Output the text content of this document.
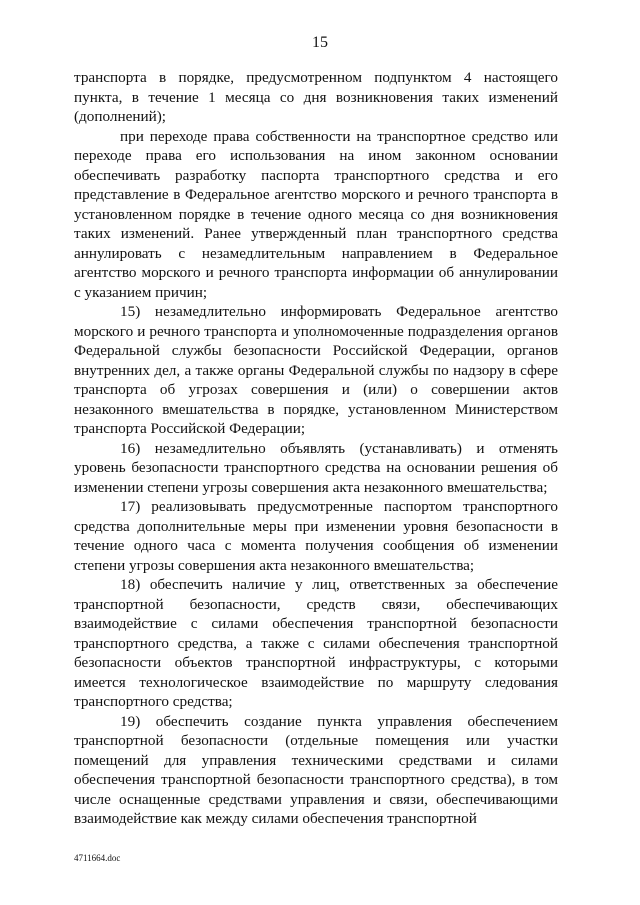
15

транспорта в порядке, предусмотренном подпунктом 4 настоящего пункта, в течение 1 месяца со дня возникновения таких изменений (дополнений);

при переходе права собственности на транспортное средство или переходе права его использования на ином законном основании обеспечивать разработку паспорта транспортного средства и его представление в Федеральное агентство морского и речного транспорта в установленном порядке в течение одного месяца со дня возникновения таких изменений. Ранее утвержденный план транспортного средства аннулировать с незамедлительным направлением в Федеральное агентство морского и речного транспорта информации об аннулировании с указанием причин;

15) незамедлительно информировать Федеральное агентство морского и речного транспорта и уполномоченные подразделения органов Федеральной службы безопасности Российской Федерации, органов внутренних дел, а также органы Федеральной службы по надзору в сфере транспорта об угрозах совершения и (или) о совершении актов незаконного вмешательства в порядке, установленном Министерством транспорта Российской Федерации;

16) незамедлительно объявлять (устанавливать) и отменять уровень безопасности транспортного средства на основании решения об изменении степени угрозы совершения акта незаконного вмешательства;

17) реализовывать предусмотренные паспортом транспортного средства дополнительные меры при изменении уровня безопасности в течение одного часа с момента получения сообщения об изменении степени угрозы совершения акта незаконного вмешательства;

18) обеспечить наличие у лиц, ответственных за обеспечение транспортной безопасности, средств связи, обеспечивающих взаимодействие с силами обеспечения транспортной безопасности транспортного средства, а также с силами обеспечения транспортной безопасности объектов транспортной инфраструктуры, с которыми имеется технологическое взаимодействие по маршруту следования транспортного средства;

19) обеспечить создание пункта управления обеспечением транспортной безопасности (отдельные помещения или участки помещений для управления техническими средствами и силами обеспечения транспортной безопасности транспортного средства), в том числе оснащенные средствами управления и связи, обеспечивающими взаимодействие как между силами обеспечения транспортной

4711664.doc
